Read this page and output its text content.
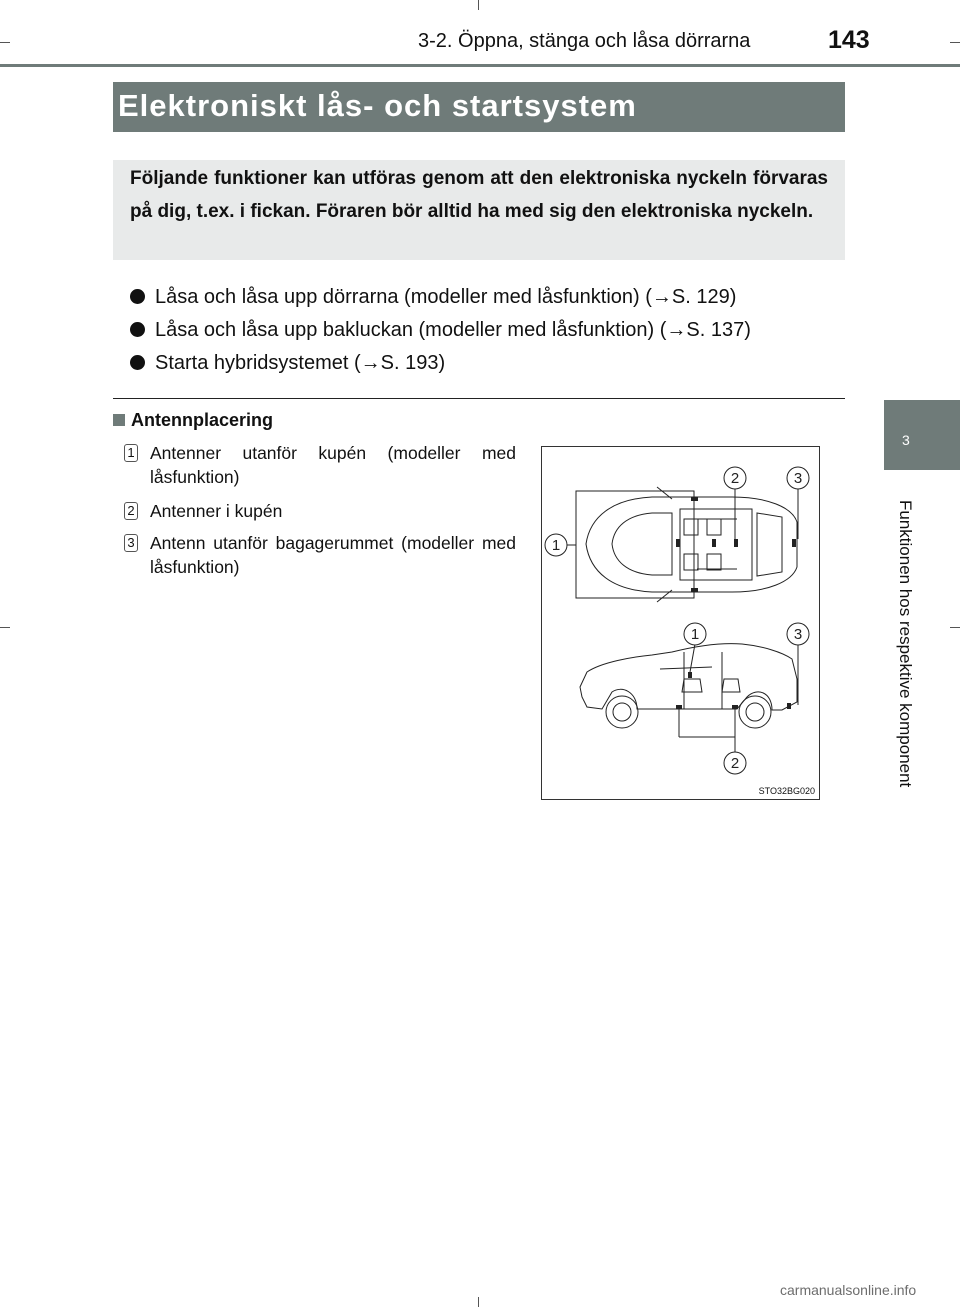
3-2. Öppna, stänga och låsa dörrarna	143
3
Funktionen hos respektive komponent
Elektroniskt lås- och startsystem
Följande funktioner kan utföras genom att den elektroniska nyckeln förvaras på dig, t.ex. i fickan. Föraren bör alltid ha med sig den elektroniska nyckeln.
Låsa och låsa upp dörrarna (modeller med låsfunktion) (→S. 129)
Låsa och låsa upp bakluckan (modeller med låsfunktion) (→S. 137)
Starta hybridsystemet (→S. 193)
Antennplacering
1 Antenner utanför kupén (modeller med låsfunktion)
2 Antenner i kupén
3 Antenn utanför bagagerummet (modeller med låsfunktion)
2	3
1
1	3
2
STO32BG020
carmanualsonline.info
